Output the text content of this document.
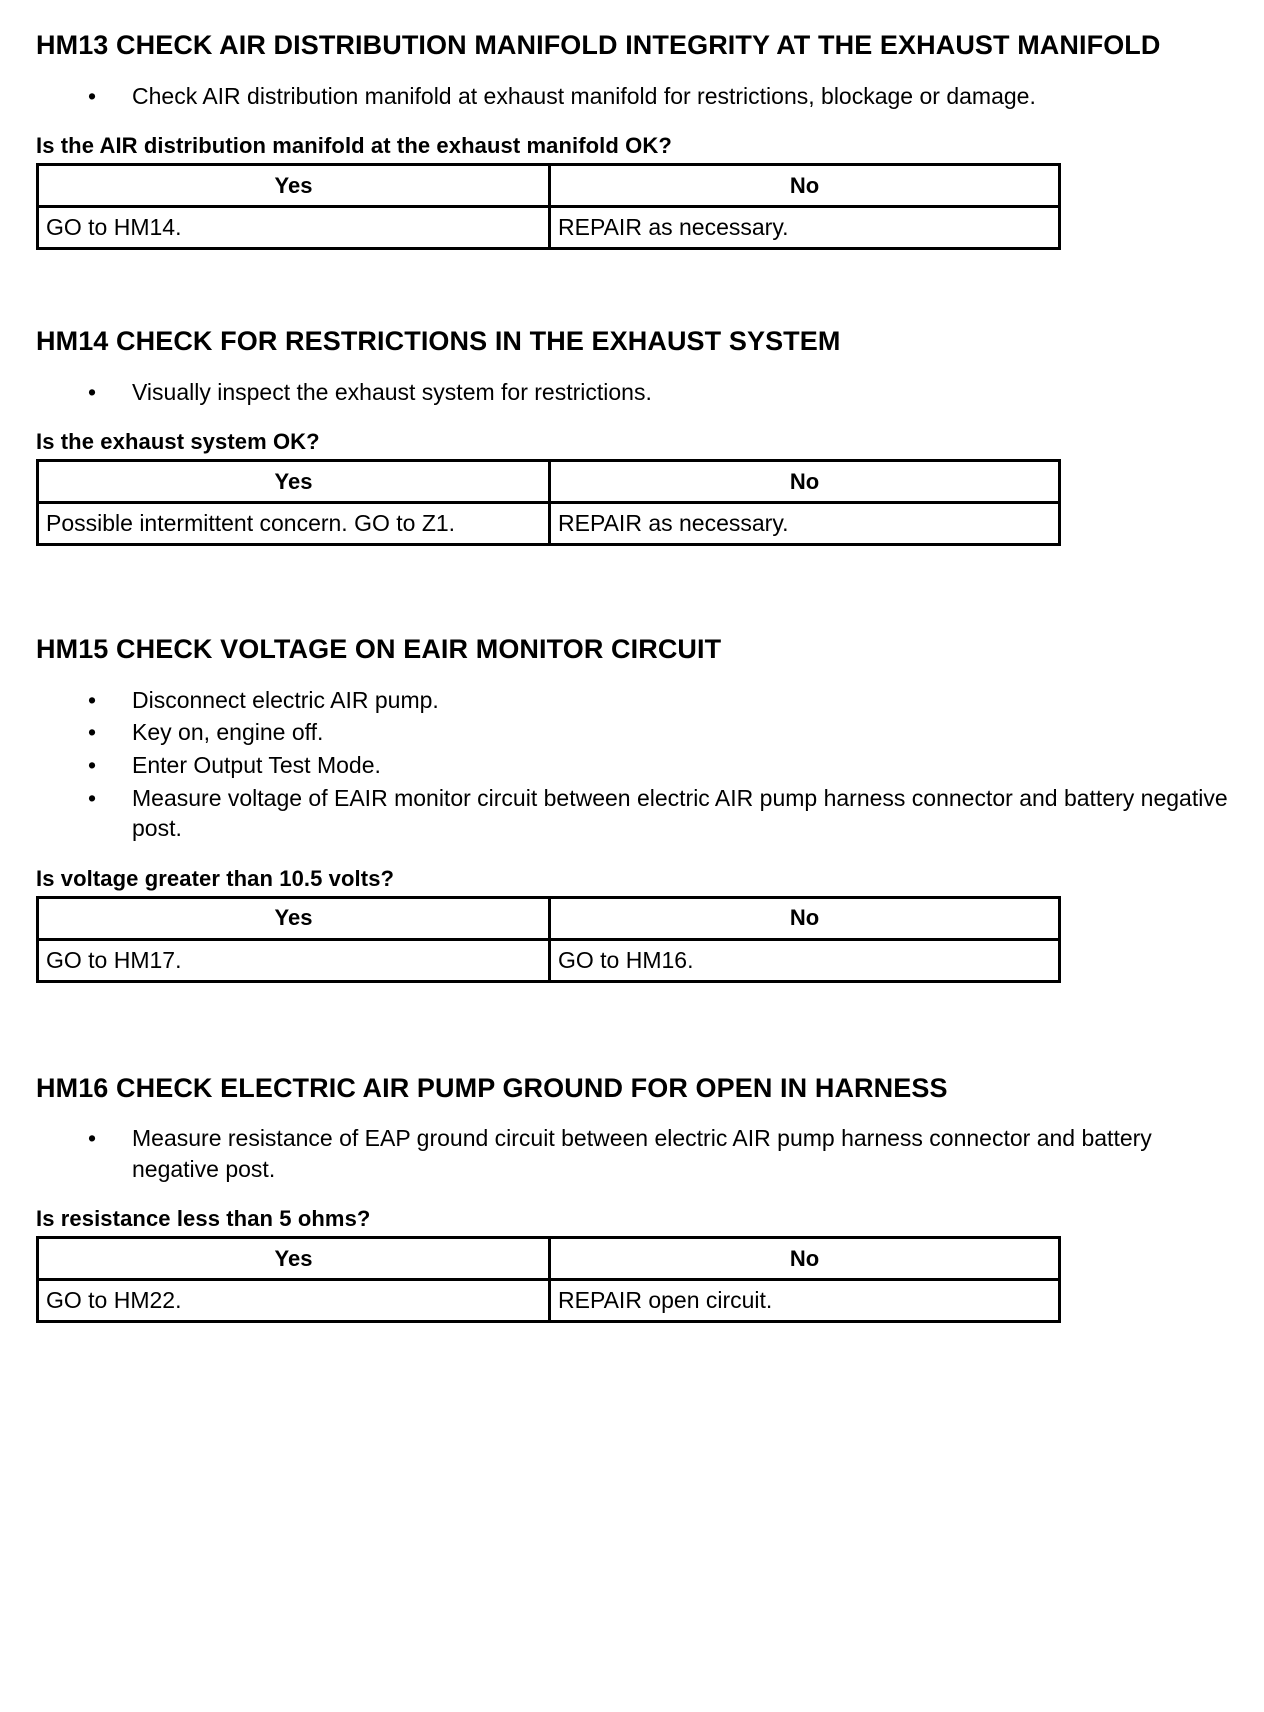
HM13 CHECK AIR DISTRIBUTION MANIFOLD INTEGRITY AT THE EXHAUST MANIFOLD
• Check AIR distribution manifold at exhaust manifold for restrictions, blockage or damage.
Is the AIR distribution manifold at the exhaust manifold OK?
Yes	No
GO to HM14.	REPAIR as necessary.
HM14 CHECK FOR RESTRICTIONS IN THE EXHAUST SYSTEM
• Visually inspect the exhaust system for restrictions.
Is the exhaust system OK?
Yes	No
Possible intermittent concern. GO to Z1.	REPAIR as necessary.
HM15 CHECK VOLTAGE ON EAIR MONITOR CIRCUIT
• Disconnect electric AIR pump.
• Key on, engine off.
• Enter Output Test Mode.
• Measure voltage of EAIR monitor circuit between electric AIR pump harness connector and battery negative post.
Is voltage greater than 10.5 volts?
Yes	No
GO to HM17.	GO to HM16.
HM16 CHECK ELECTRIC AIR PUMP GROUND FOR OPEN IN HARNESS
• Measure resistance of EAP ground circuit between electric AIR pump harness connector and battery negative post.
Is resistance less than 5 ohms?
Yes	No
GO to HM22.	REPAIR open circuit.
